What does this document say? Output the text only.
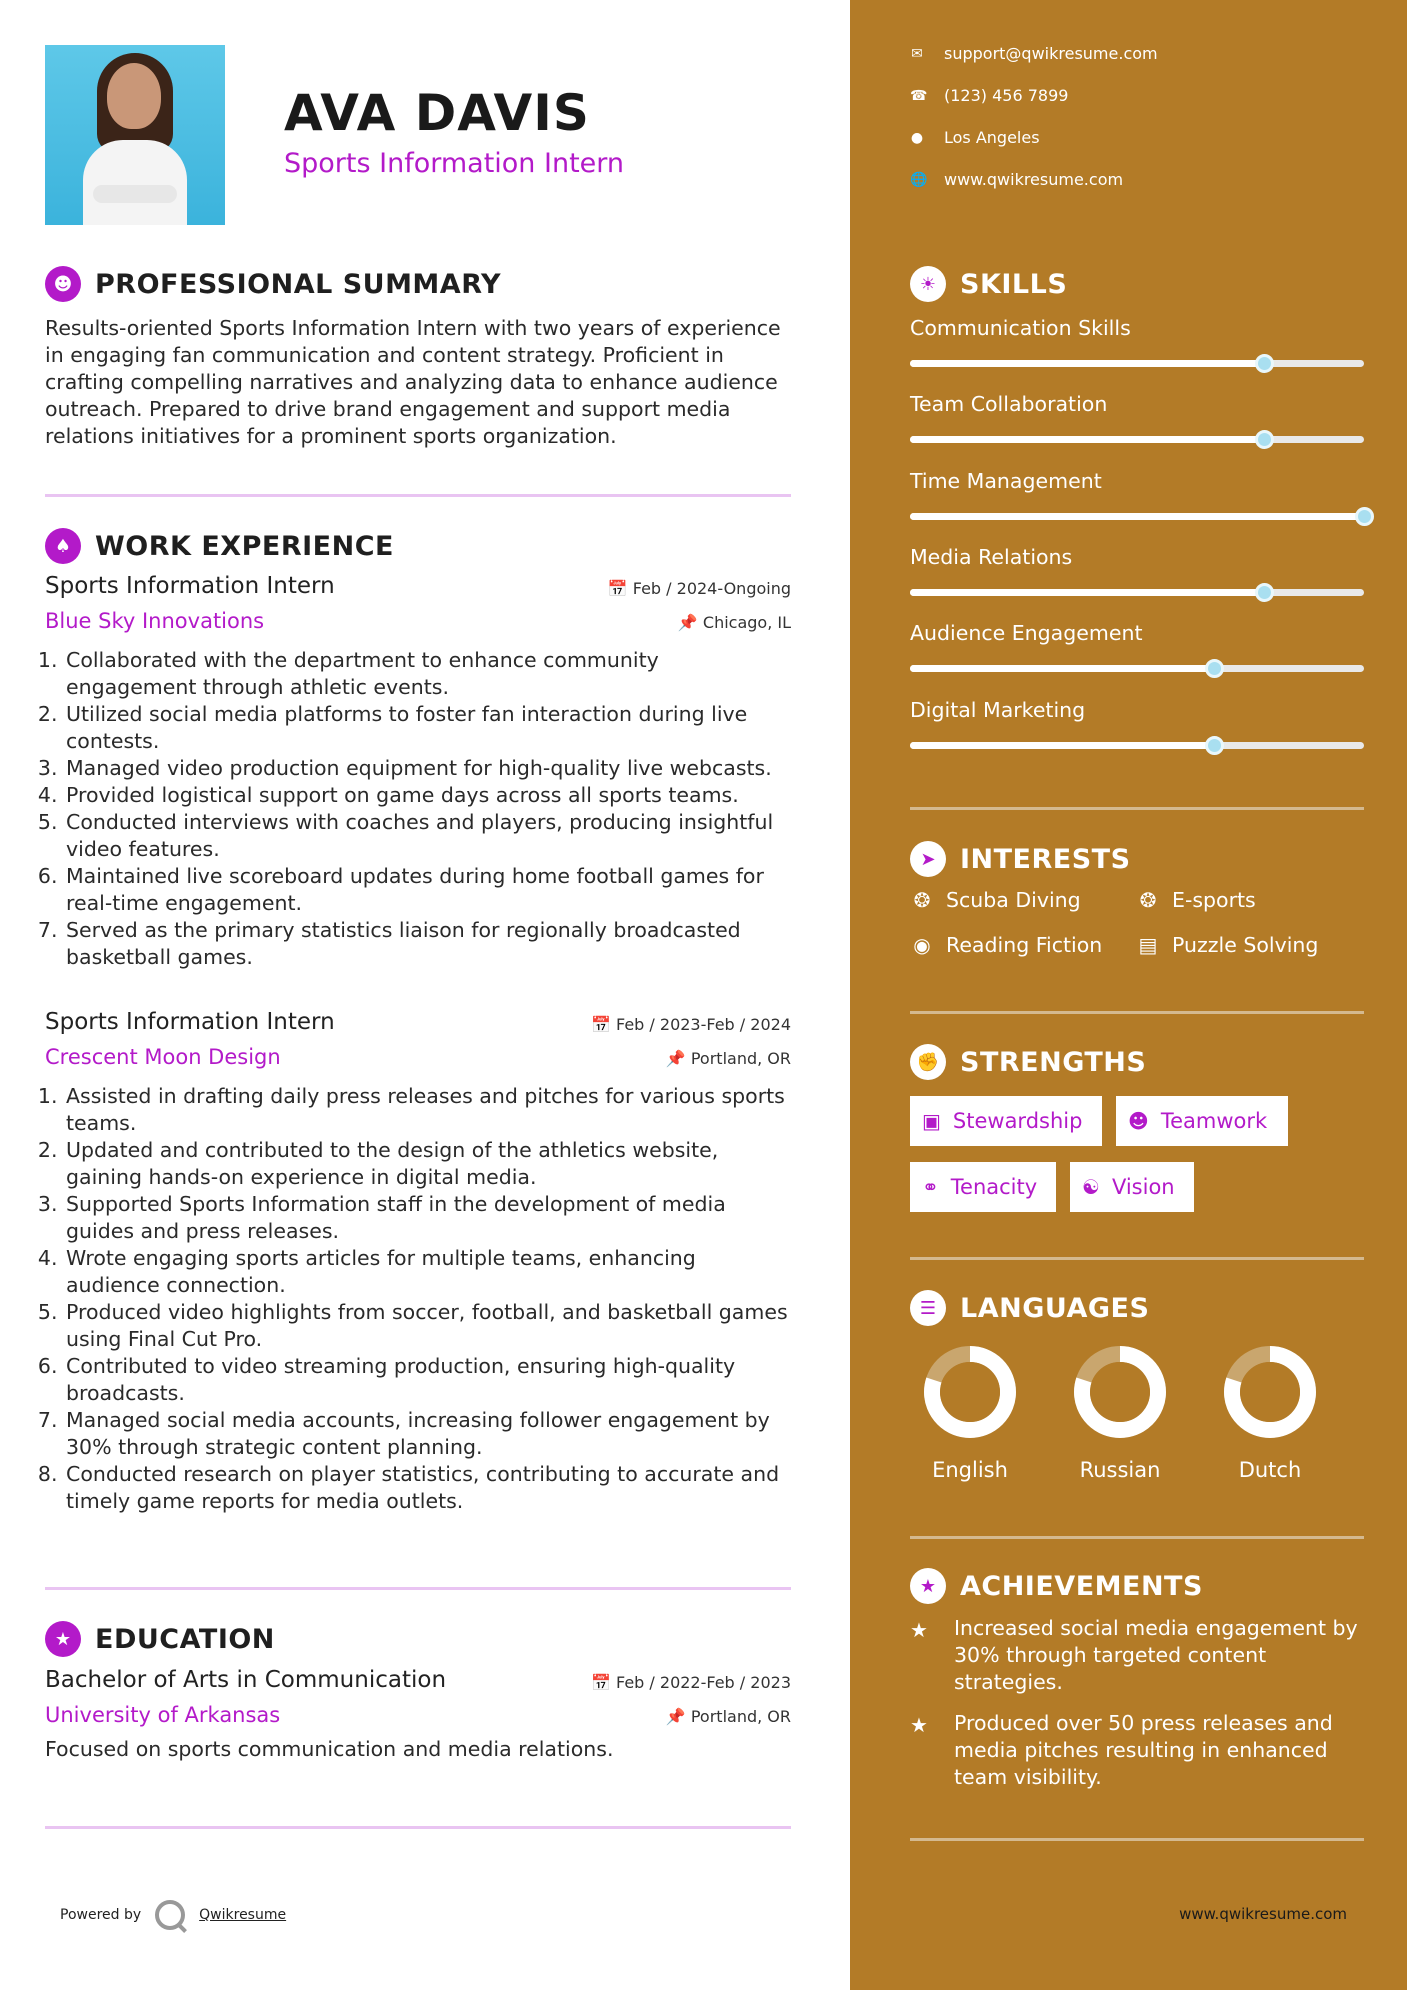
AVA DAVIS
Sports Information Intern
☻ PROFESSIONAL SUMMARY
Results-oriented Sports Information Intern with two years of experience in engaging fan communication and content strategy. Proficient in crafting compelling narratives and analyzing data to enhance audience outreach. Prepared to drive brand engagement and support media relations initiatives for a prominent sports organization.
♠ WORK EXPERIENCE
Sports Information Intern	📅 Feb / 2024-Ongoing
Blue Sky Innovations	📌 Chicago, IL
1. Collaborated with the department to enhance community engagement through athletic events.
2. Utilized social media platforms to foster fan interaction during live contests.
3. Managed video production equipment for high-quality live webcasts.
4. Provided logistical support on game days across all sports teams.
5. Conducted interviews with coaches and players, producing insightful video features.
6. Maintained live scoreboard updates during home football games for real-time engagement.
7. Served as the primary statistics liaison for regionally broadcasted basketball games.
Sports Information Intern	📅 Feb / 2023-Feb / 2024
Crescent Moon Design	📌 Portland, OR
1. Assisted in drafting daily press releases and pitches for various sports teams.
2. Updated and contributed to the design of the athletics website, gaining hands-on experience in digital media.
3. Supported Sports Information staff in the development of media guides and press releases.
4. Wrote engaging sports articles for multiple teams, enhancing audience connection.
5. Produced video highlights from soccer, football, and basketball games using Final Cut Pro.
6. Contributed to video streaming production, ensuring high-quality broadcasts.
7. Managed social media accounts, increasing follower engagement by 30% through strategic content planning.
8. Conducted research on player statistics, contributing to accurate and timely game reports for media outlets.
★ EDUCATION
Bachelor of Arts in Communication	📅 Feb / 2022-Feb / 2023
University of Arkansas	📌 Portland, OR
Focused on sports communication and media relations.
Powered by	Qwikresume
✉ support@qwikresume.com
☎ (123) 456 7899
● Los Angeles
🌐 www.qwikresume.com
☀ SKILLS
Communication Skills
Team Collaboration
Time Management
Media Relations
Audience Engagement
Digital Marketing
➤ INTERESTS
❂ Scuba Diving	❂ E-sports
◉ Reading Fiction ▤ Puzzle Solving
✊ STRENGTHS
▣ Stewardship ☻ Teamwork
⚭ Tenacity ☯ Vision
☰ LANGUAGES
English	Russian	Dutch
★ ACHIEVEMENTS
★	Increased social media engagement by 30% through targeted content strategies.
★	Produced over 50 press releases and media pitches resulting in enhanced team visibility.
www.qwikresume.com
